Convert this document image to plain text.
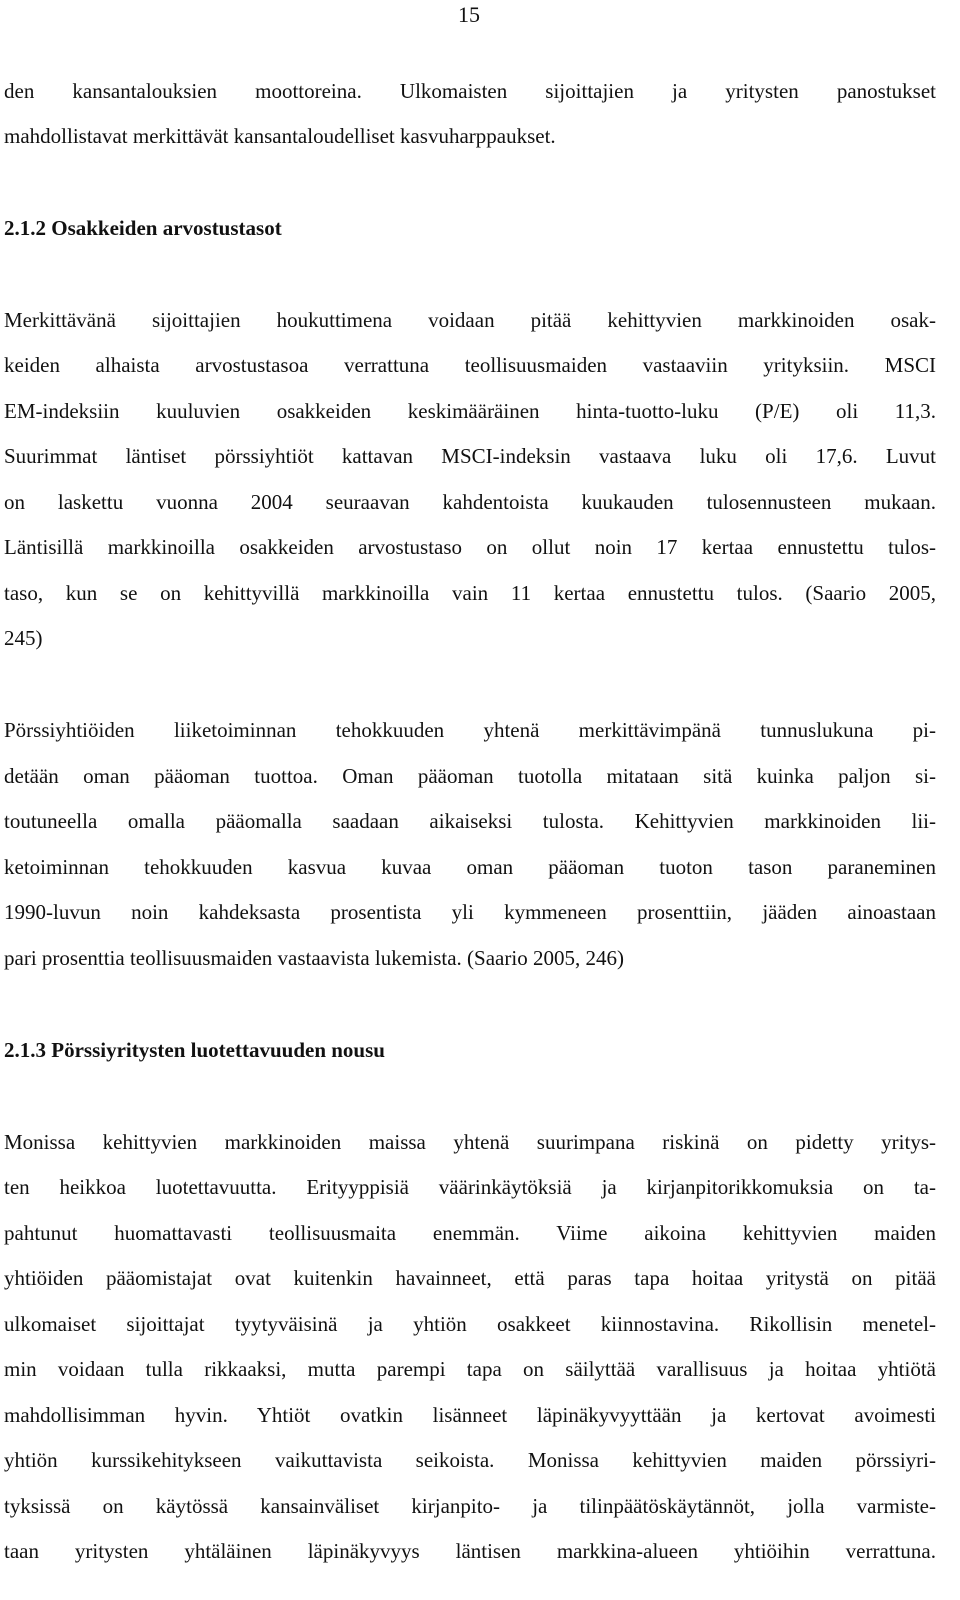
15
den kansantalouksien moottoreina. Ulkomaisten sijoittajien ja yritysten panostukset
mahdollistavat merkittävät kansantaloudelliset kasvuharppaukset.
2.1.2 Osakkeiden arvostustasot
Merkittävänä sijoittajien houkuttimena voidaan pitää kehittyvien markkinoiden osak-
keiden alhaista arvostustasoa verrattuna teollisuusmaiden vastaaviin yrityksiin. MSCI
EM-indeksiin kuuluvien osakkeiden keskimääräinen hinta-tuotto-luku (P/E) oli 11,3.
Suurimmat läntiset pörssiyhtiöt kattavan MSCI-indeksin vastaava luku oli 17,6. Luvut
on laskettu vuonna 2004 seuraavan kahdentoista kuukauden tulosennusteen mukaan.
Läntisillä markkinoilla osakkeiden arvostustaso on ollut noin 17 kertaa ennustettu tulos-
taso, kun se on kehittyvillä markkinoilla vain 11 kertaa ennustettu tulos. (Saario 2005,
245)
Pörssiyhtiöiden liiketoiminnan tehokkuuden yhtenä merkittävimpänä tunnuslukuna pi-
detään oman pääoman tuottoa. Oman pääoman tuotolla mitataan sitä kuinka paljon si-
toutuneella omalla pääomalla saadaan aikaiseksi tulosta. Kehittyvien markkinoiden lii-
ketoiminnan tehokkuuden kasvua kuvaa oman pääoman tuoton tason paraneminen
1990-luvun noin kahdeksasta prosentista yli kymmeneen prosenttiin, jääden ainoastaan
pari prosenttia teollisuusmaiden vastaavista lukemista. (Saario 2005, 246)
2.1.3 Pörssiyritysten luotettavuuden nousu
Monissa kehittyvien markkinoiden maissa yhtenä suurimpana riskinä on pidetty yritys-
ten heikkoa luotettavuutta. Erityyppisiä väärinkäytöksiä ja kirjanpitorikkomuksia on ta-
pahtunut huomattavasti teollisuusmaita enemmän. Viime aikoina kehittyvien maiden
yhtiöiden pääomistajat ovat kuitenkin havainneet, että paras tapa hoitaa yritystä on pitää
ulkomaiset sijoittajat tyytyväisinä ja yhtiön osakkeet kiinnostavina. Rikollisin menetel-
min voidaan tulla rikkaaksi, mutta parempi tapa on säilyttää varallisuus ja hoitaa yhtiötä
mahdollisimman hyvin. Yhtiöt ovatkin lisänneet läpinäkyvyyttään ja kertovat avoimesti
yhtiön kurssikehitykseen vaikuttavista seikoista. Monissa kehittyvien maiden pörssiyri-
tyksissä on käytössä kansainväliset kirjanpito- ja tilinpäätöskäytännöt, jolla varmiste-
taan yritysten yhtäläinen läpinäkyvyys läntisen markkina-alueen yhtiöihin verrattuna.
